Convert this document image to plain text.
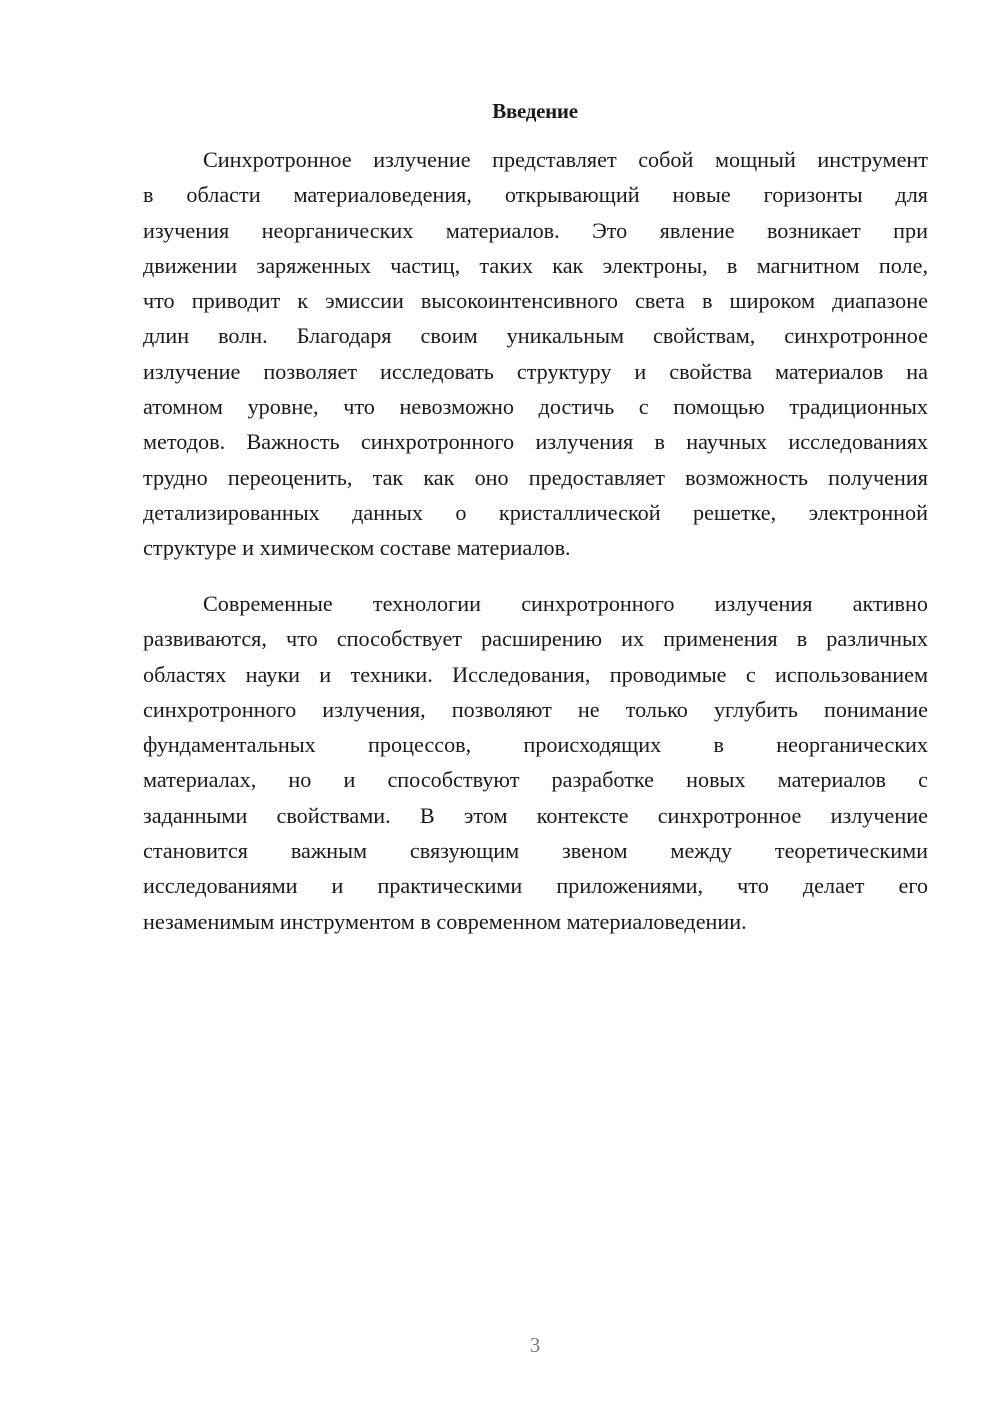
Введение
Синхротронное излучение представляет собой мощный инструмент
в области материаловедения, открывающий новые горизонты для
изучения неорганических материалов. Это явление возникает при
движении заряженных частиц, таких как электроны, в магнитном поле,
что приводит к эмиссии высокоинтенсивного света в широком диапазоне
длин волн. Благодаря своим уникальным свойствам, синхротронное
излучение позволяет исследовать структуру и свойства материалов на
атомном уровне, что невозможно достичь с помощью традиционных
методов. Важность синхротронного излучения в научных исследованиях
трудно переоценить, так как оно предоставляет возможность получения
детализированных данных о кристаллической решетке, электронной
структуре и химическом составе материалов.
Современные технологии синхротронного излучения активно
развиваются, что способствует расширению их применения в различных
областях науки и техники. Исследования, проводимые с использованием
синхротронного излучения, позволяют не только углубить понимание
фундаментальных процессов, происходящих в неорганических
материалах, но и способствуют разработке новых материалов с
заданными свойствами. В этом контексте синхротронное излучение
становится важным связующим звеном между теоретическими
исследованиями и практическими приложениями, что делает его
незаменимым инструментом в современном материаловедении.
3
